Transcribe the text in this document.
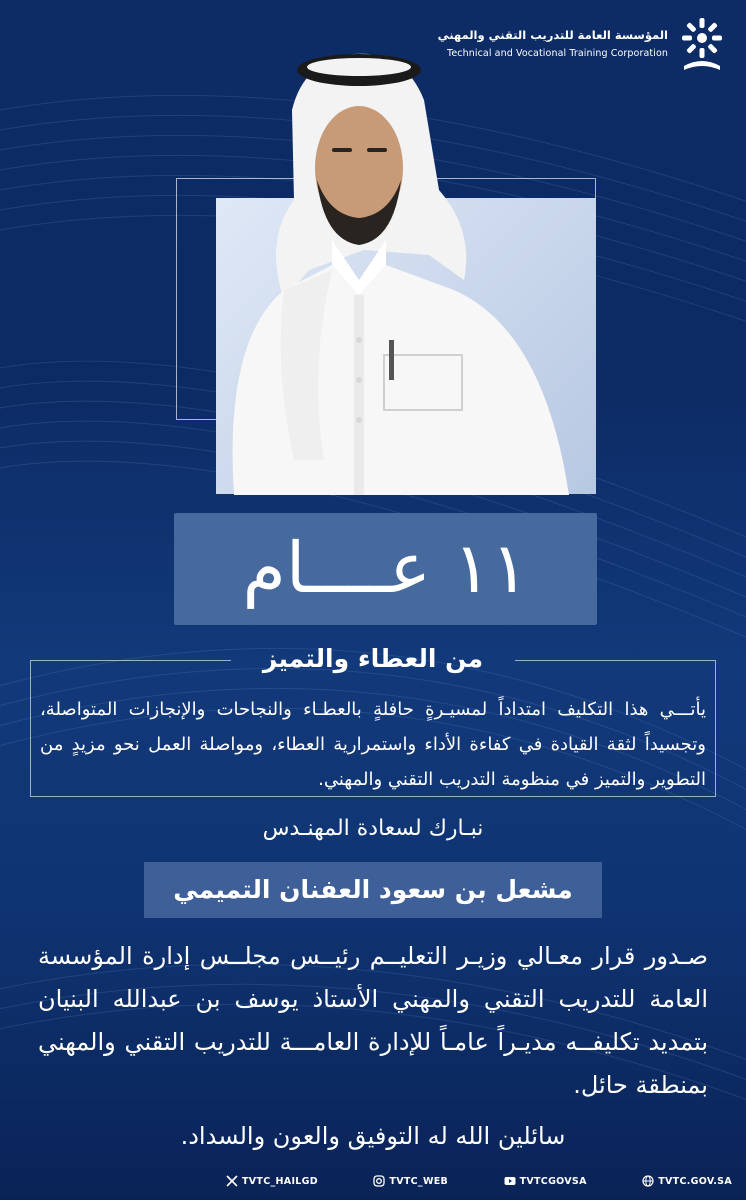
المؤسسة العامة للتدريب التقني والمهني
Technical and Vocational Training Corporation
١١ عــــام
من العطاء والتميز
يأتـــي هذا التكليف امتداداً لمسيـرةٍ حافلةٍ بالعطـاء والنجاحات والإنجازات المتواصلة، وتجسيداً لثقة القيادة في كفاءة الأداء واستمرارية العطاء، ومواصلة العمل نحو مزيدٍ من التطوير والتميز في منظومة التدريب التقني والمهني.
نبـارك لسعادة المهنـدس
مشعل بن سعود العفنان التميمي
صـدور قرار معـالي وزيـر التعليــم رئيــس مجلــس إدارة المؤسسة العامة للتدريب التقني والمهني الأستاذ يوسف بن عبدالله البنيان بتمديد تكليفــه مديـراً عامـاً للإدارة العامـــة للتدريب التقني والمهني بمنطقة حائل.
سائلين الله له التوفيق والعون والسداد.
TVTC_HAILGD	TVTC_WEB	TVTCGOVSA	TVTC.GOV.SA
